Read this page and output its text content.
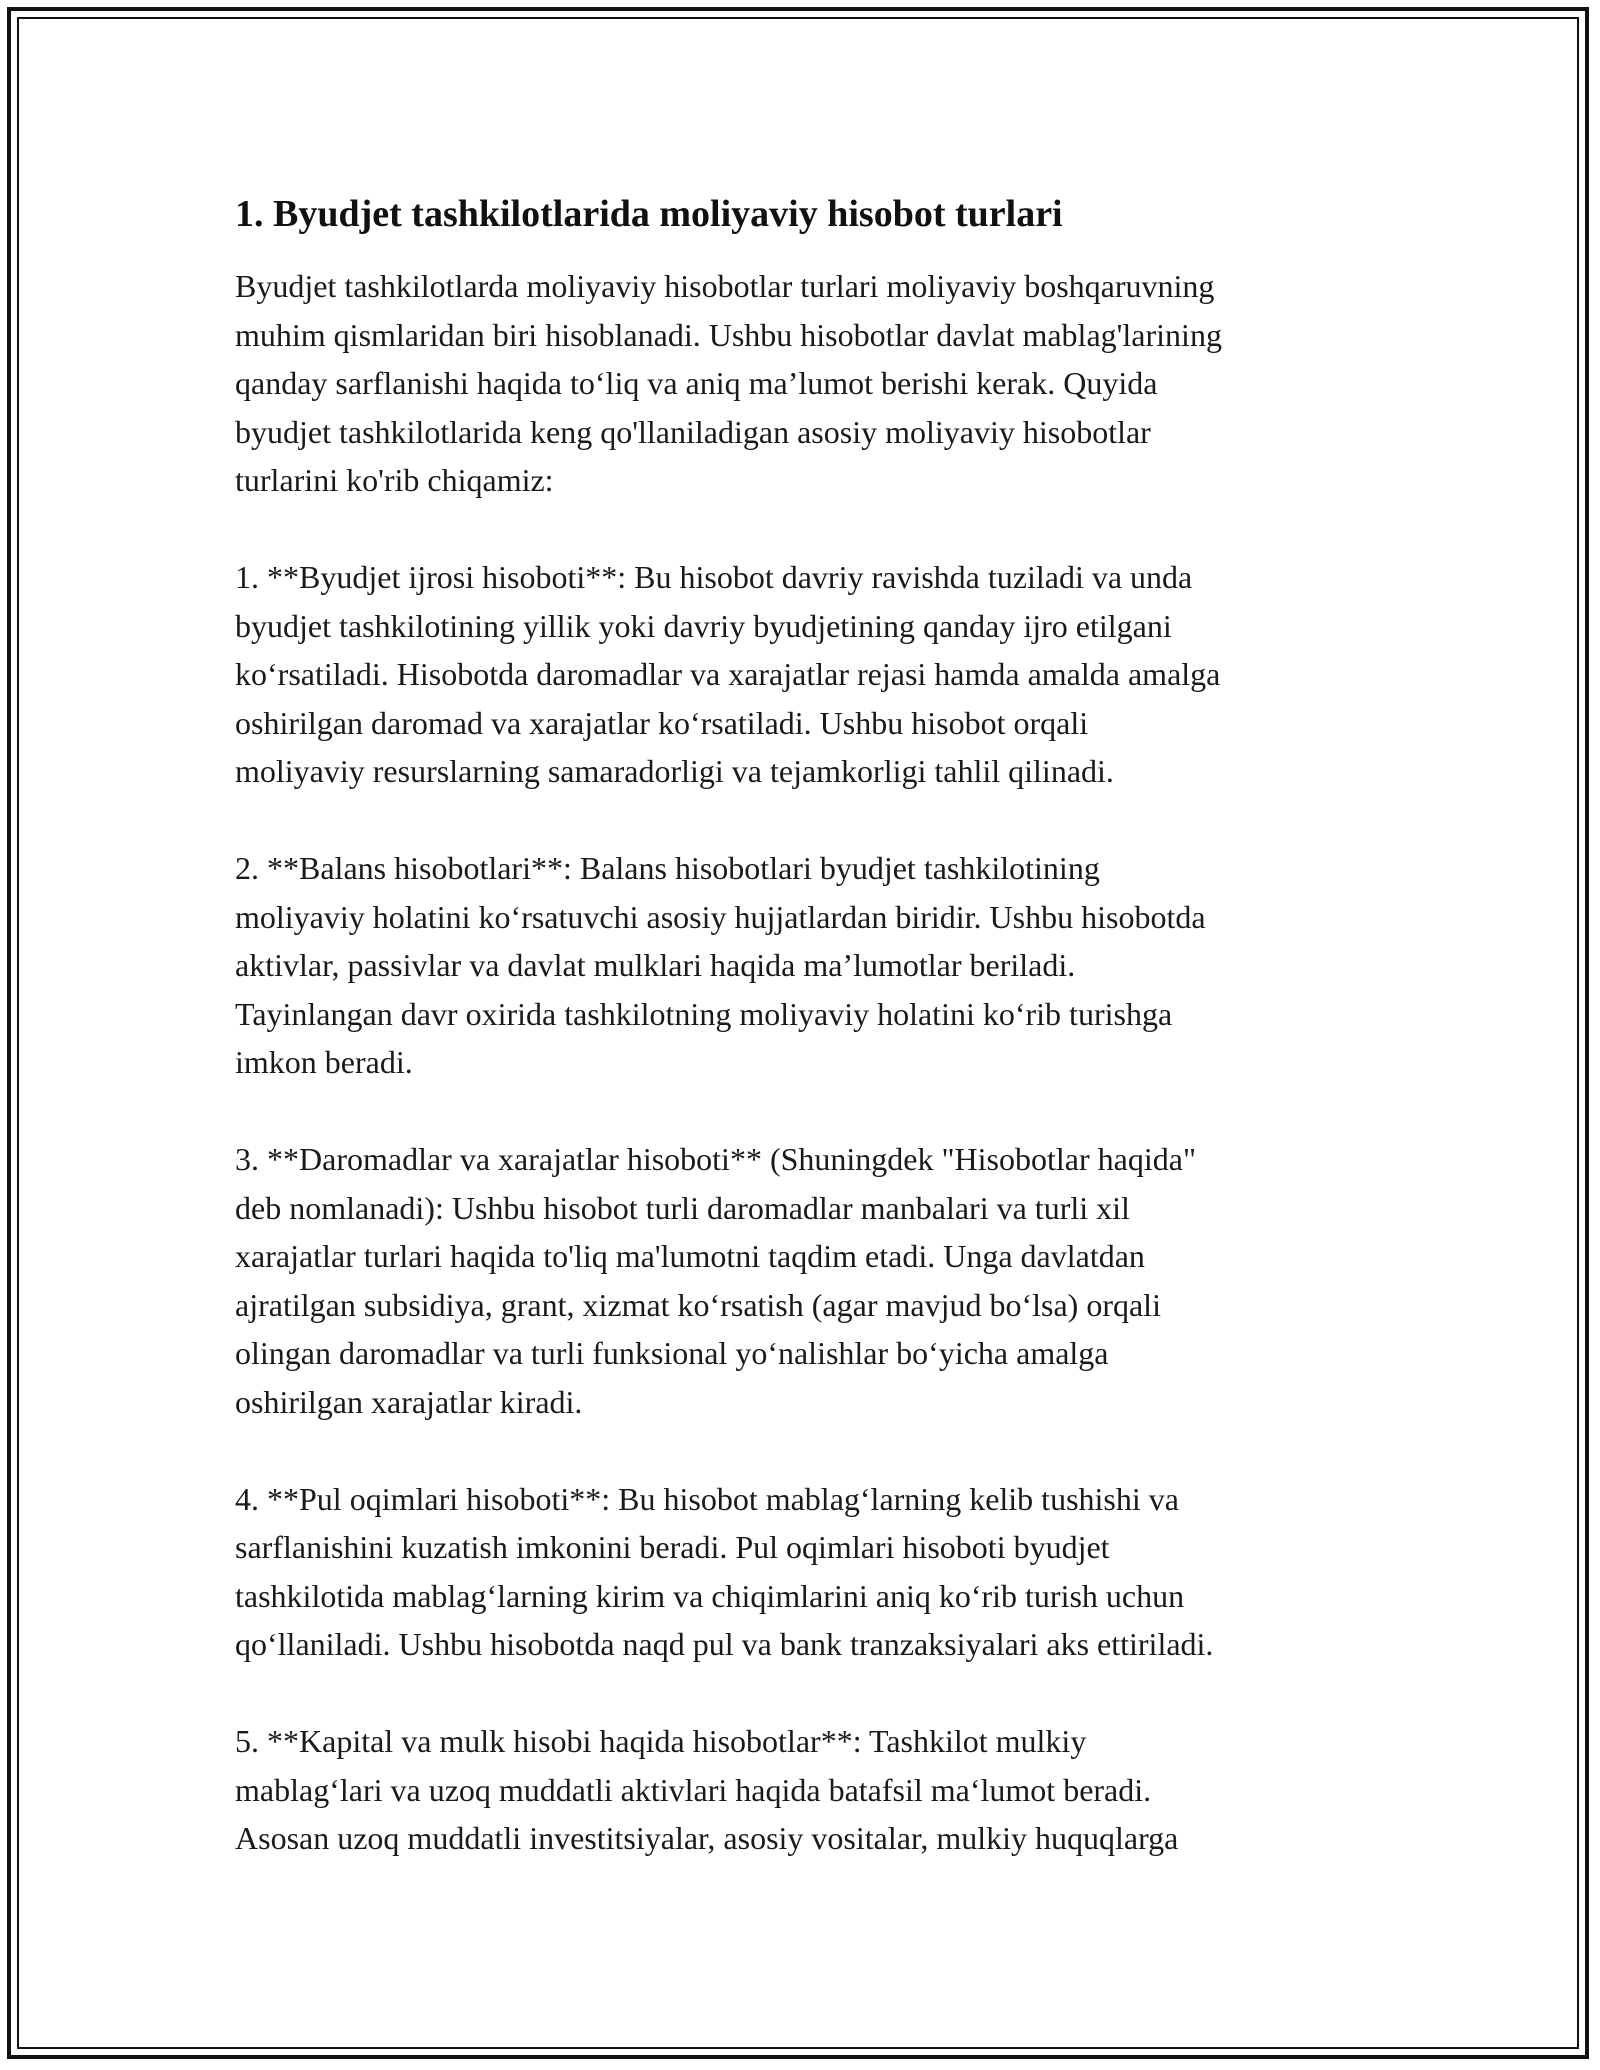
1. Byudjet tashkilotlarida moliyaviy hisobot turlari
Byudjet tashkilotlarda moliyaviy hisobotlar turlari moliyaviy boshqaruvning
muhim qismlaridan biri hisoblanadi. Ushbu hisobotlar davlat mablag'larining
qanday sarflanishi haqida to‘liq va aniq ma’lumot berishi kerak. Quyida
byudjet tashkilotlarida keng qo'llaniladigan asosiy moliyaviy hisobotlar
turlarini ko'rib chiqamiz:
1. **Byudjet ijrosi hisoboti**: Bu hisobot davriy ravishda tuziladi va unda
byudjet tashkilotining yillik yoki davriy byudjetining qanday ijro etilgani
ko‘rsatiladi. Hisobotda daromadlar va xarajatlar rejasi hamda amalda amalga
oshirilgan daromad va xarajatlar ko‘rsatiladi. Ushbu hisobot orqali
moliyaviy resurslarning samaradorligi va tejamkorligi tahlil qilinadi.
2. **Balans hisobotlari**: Balans hisobotlari byudjet tashkilotining
moliyaviy holatini ko‘rsatuvchi asosiy hujjatlardan biridir. Ushbu hisobotda
aktivlar, passivlar va davlat mulklari haqida ma’lumotlar beriladi.
Tayinlangan davr oxirida tashkilotning moliyaviy holatini ko‘rib turishga
imkon beradi.
3. **Daromadlar va xarajatlar hisoboti** (Shuningdek "Hisobotlar haqida"
deb nomlanadi): Ushbu hisobot turli daromadlar manbalari va turli xil
xarajatlar turlari haqida to'liq ma'lumotni taqdim etadi. Unga davlatdan
ajratilgan subsidiya, grant, xizmat ko‘rsatish (agar mavjud bo‘lsa) orqali
olingan daromadlar va turli funksional yo‘nalishlar bo‘yicha amalga
oshirilgan xarajatlar kiradi.
4. **Pul oqimlari hisoboti**: Bu hisobot mablag‘larning kelib tushishi va
sarflanishini kuzatish imkonini beradi. Pul oqimlari hisoboti byudjet
tashkilotida mablag‘larning kirim va chiqimlarini aniq ko‘rib turish uchun
qo‘llaniladi. Ushbu hisobotda naqd pul va bank tranzaksiyalari aks ettiriladi.
5. **Kapital va mulk hisobi haqida hisobotlar**: Tashkilot mulkiy
mablag‘lari va uzoq muddatli aktivlari haqida batafsil ma‘lumot beradi.
Asosan uzoq muddatli investitsiyalar, asosiy vositalar, mulkiy huquqlarga
